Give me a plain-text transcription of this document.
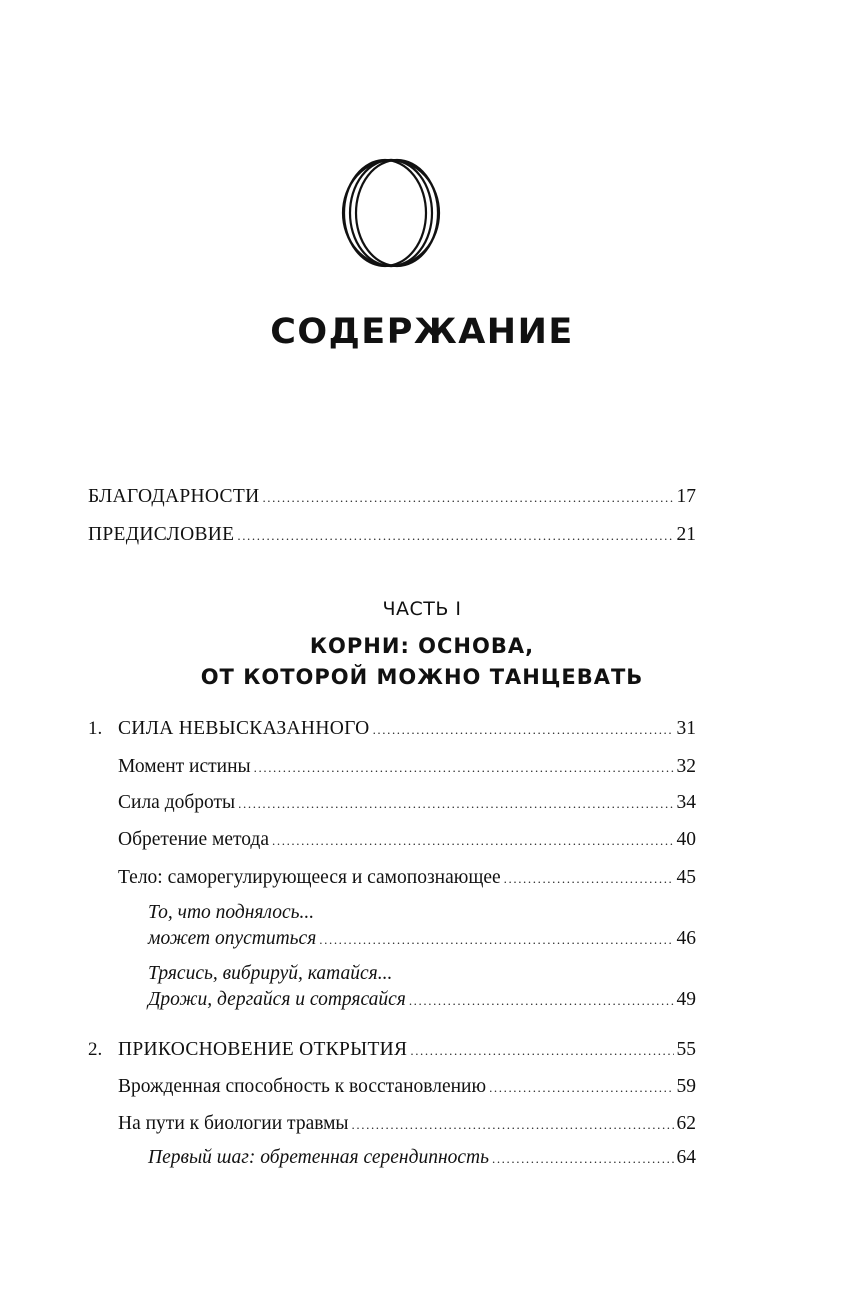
СОДЕРЖАНИЕ
БЛАГОДАРНОСТИ .....	17
ПРЕДИСЛОВИЕ .....	21
ЧАСТЬ I
КОРНИ: ОСНОВА,
ОТ КОТОРОЙ МОЖНО ТАНЦЕВАТЬ
1. СИЛА НЕВЫСКАЗАННОГО .....	31
Момент истины .....	32
Сила доброты .....	34
Обретение метода .....	40
Тело: саморегулирующееся и самопознающее .....	45
То, что поднялось...
может опуститься .....	46
Трясись, вибрируй, катайся...
Дрожи, дергайся и сотрясайся .....	49
2. ПРИКОСНОВЕНИЕ ОТКРЫТИЯ .....	55
Врожденная способность к восстановлению .....	59
На пути к биологии травмы .....	62
Первый шаг: обретенная серендипность .....	64
